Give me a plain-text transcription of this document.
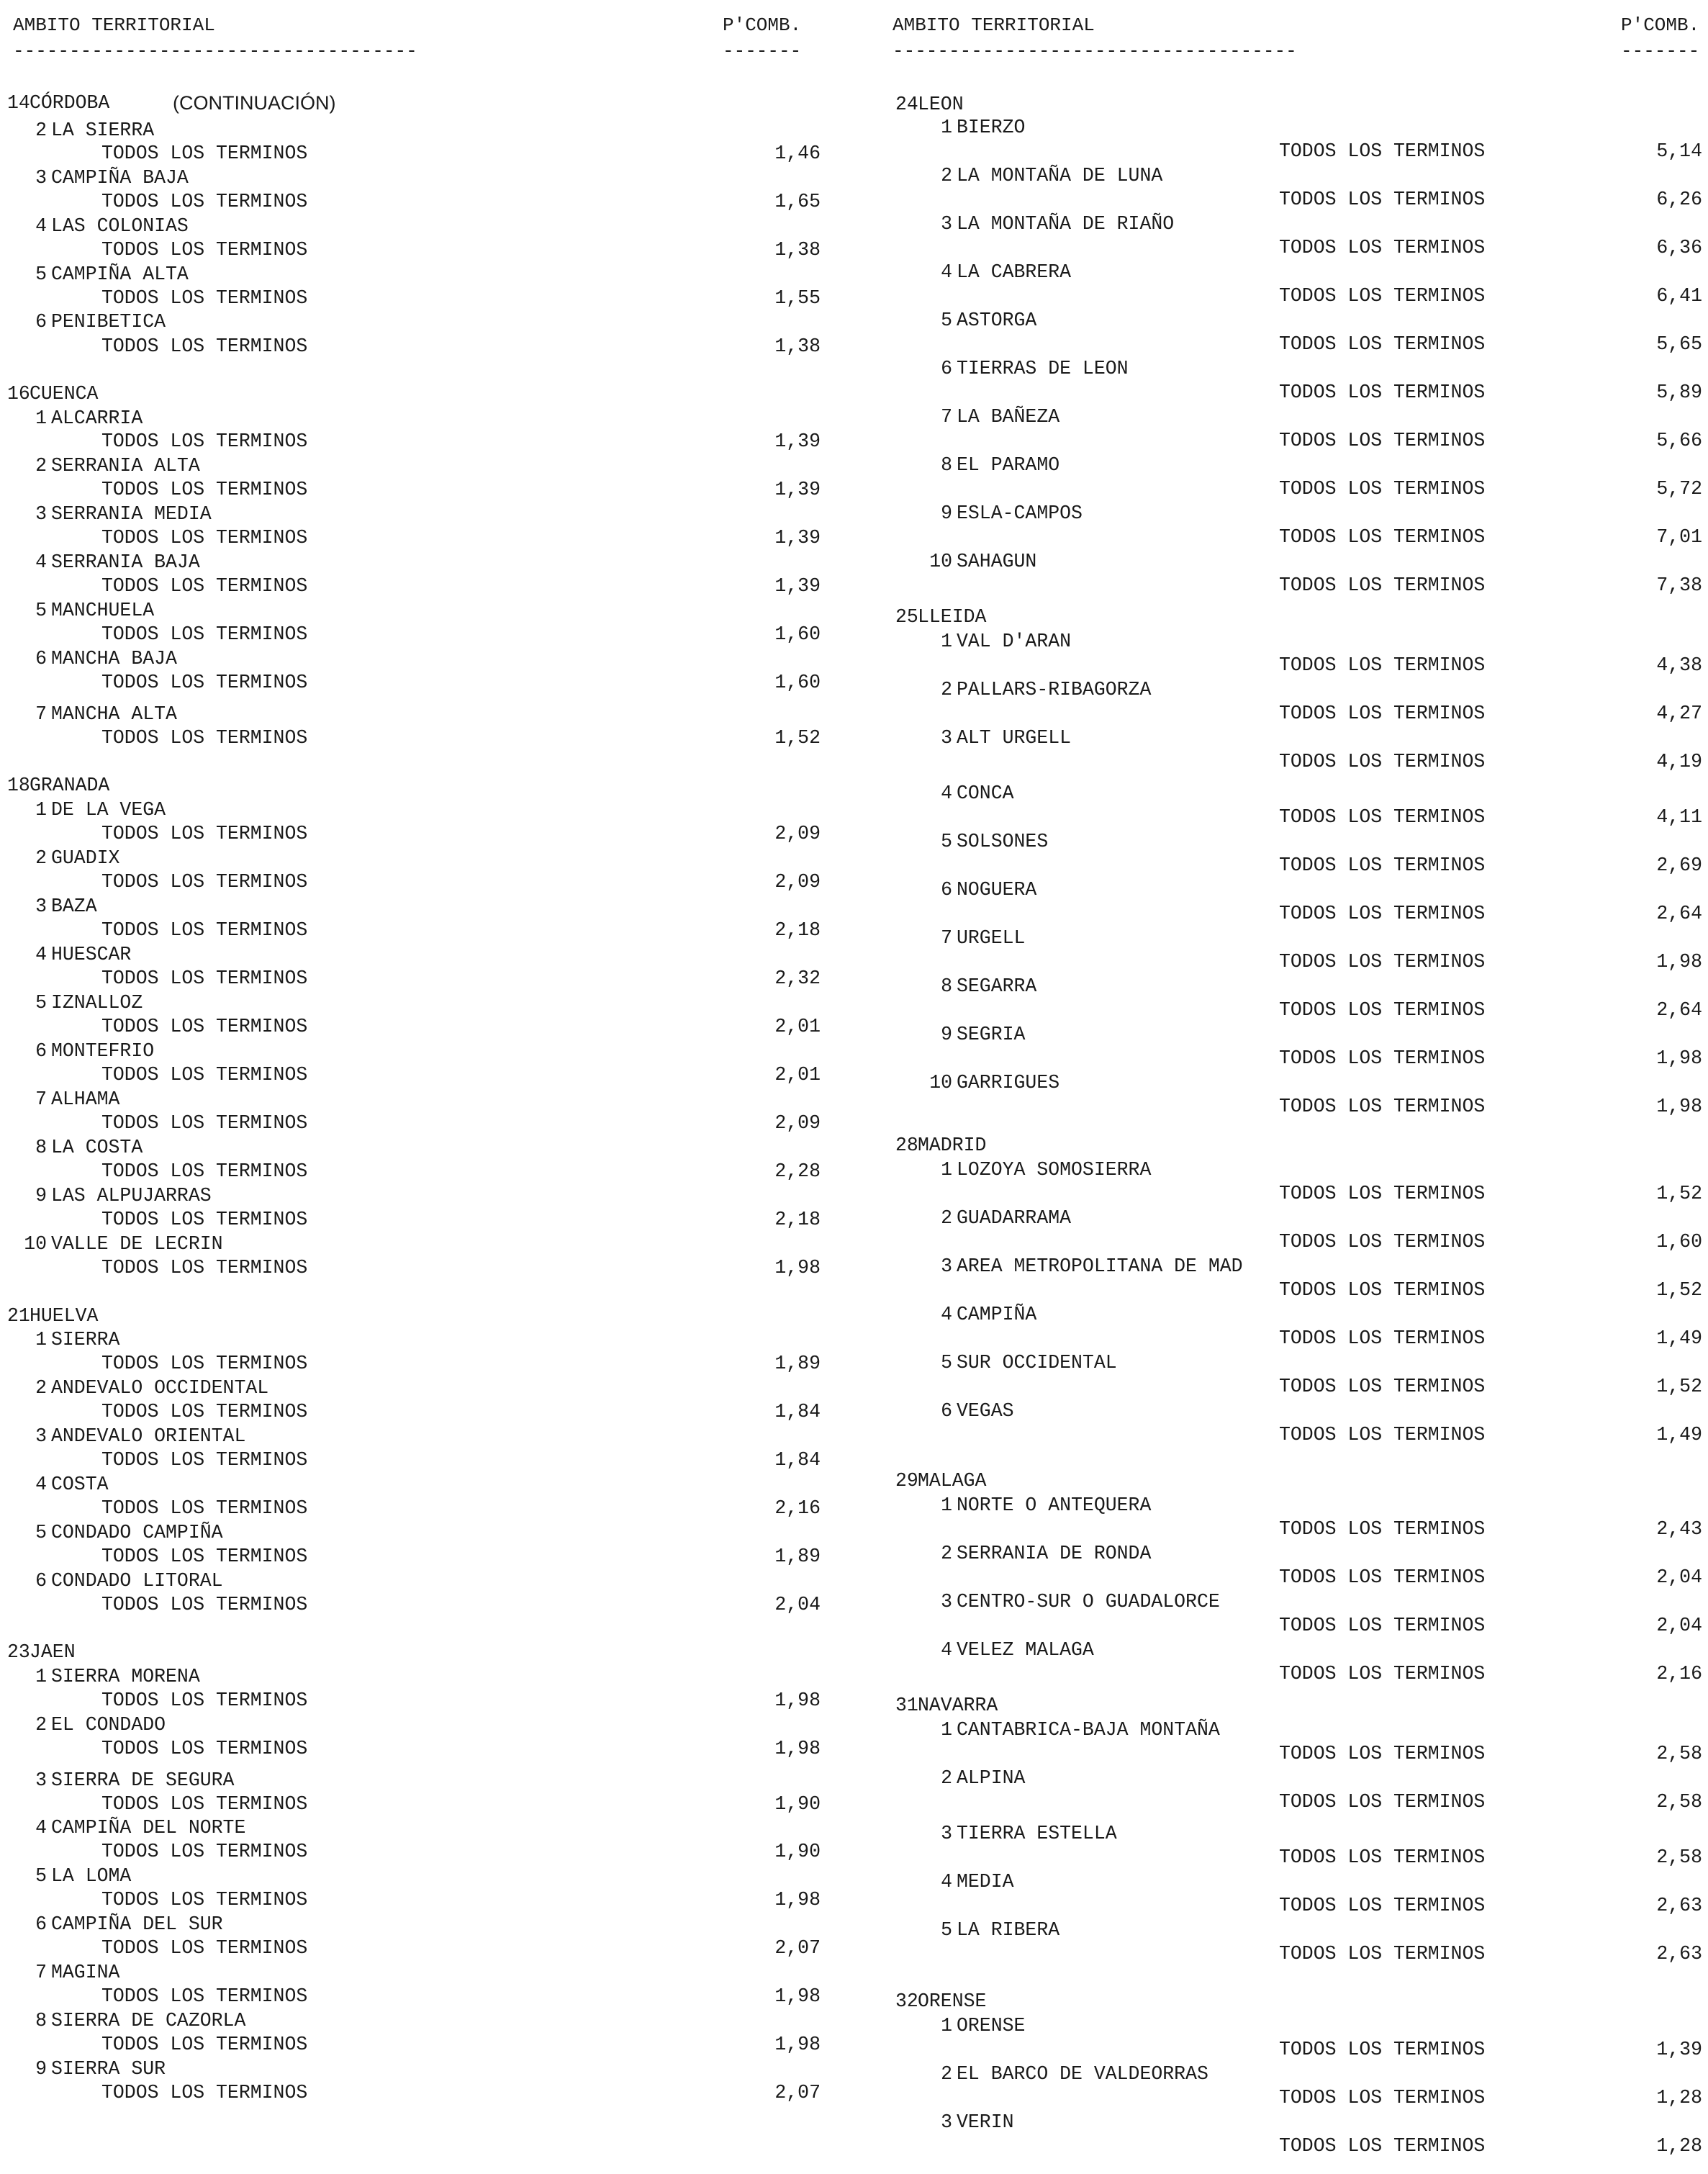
AMBITO TERRITORIAL	P'COMB.
------------------------------------	-------
14 CÓRDOBA	(CONTINUACIÓN)
2 LA SIERRA
TODOS LOS TERMINOS	1,46
3 CAMPIÑA BAJA
TODOS LOS TERMINOS	1,65
4 LAS COLONIAS
TODOS LOS TERMINOS	1,38
5 CAMPIÑA ALTA
TODOS LOS TERMINOS	1,55
6 PENIBETICA
TODOS LOS TERMINOS	1,38
16 CUENCA
1 ALCARRIA
TODOS LOS TERMINOS	1,39
2 SERRANIA ALTA
TODOS LOS TERMINOS	1,39
3 SERRANIA MEDIA
TODOS LOS TERMINOS	1,39
4 SERRANIA BAJA
TODOS LOS TERMINOS	1,39
5 MANCHUELA
TODOS LOS TERMINOS	1,60
6 MANCHA BAJA
TODOS LOS TERMINOS	1,60
7 MANCHA ALTA
TODOS LOS TERMINOS	1,52
18 GRANADA
1 DE LA VEGA
TODOS LOS TERMINOS	2,09
2 GUADIX
TODOS LOS TERMINOS	2,09
3 BAZA
TODOS LOS TERMINOS	2,18
4 HUESCAR
TODOS LOS TERMINOS	2,32
5 IZNALLOZ
TODOS LOS TERMINOS	2,01
6 MONTEFRIO
TODOS LOS TERMINOS	2,01
7 ALHAMA
TODOS LOS TERMINOS	2,09
8 LA COSTA
TODOS LOS TERMINOS	2,28
9 LAS ALPUJARRAS
TODOS LOS TERMINOS	2,18
10 VALLE DE LECRIN
TODOS LOS TERMINOS	1,98
21 HUELVA
1 SIERRA
TODOS LOS TERMINOS	1,89
2 ANDEVALO OCCIDENTAL
TODOS LOS TERMINOS	1,84
3 ANDEVALO ORIENTAL
TODOS LOS TERMINOS	1,84
4 COSTA
TODOS LOS TERMINOS	2,16
5 CONDADO CAMPIÑA
TODOS LOS TERMINOS	1,89
6 CONDADO LITORAL
TODOS LOS TERMINOS	2,04
23 JAEN
1 SIERRA MORENA
TODOS LOS TERMINOS	1,98
2 EL CONDADO
TODOS LOS TERMINOS	1,98
3 SIERRA DE SEGURA
TODOS LOS TERMINOS	1,90
4 CAMPIÑA DEL NORTE
TODOS LOS TERMINOS	1,90
5 LA LOMA
TODOS LOS TERMINOS	1,98
6 CAMPIÑA DEL SUR
TODOS LOS TERMINOS	2,07
7 MAGINA
TODOS LOS TERMINOS	1,98
8 SIERRA DE CAZORLA
TODOS LOS TERMINOS	1,98
9 SIERRA SUR
TODOS LOS TERMINOS	2,07
AMBITO TERRITORIAL	P'COMB.
------------------------------------	-------
24 LEON
1 BIERZO
TODOS LOS TERMINOS	5,14
2 LA MONTAÑA DE LUNA
TODOS LOS TERMINOS	6,26
3 LA MONTAÑA DE RIAÑO
TODOS LOS TERMINOS	6,36
4 LA CABRERA
TODOS LOS TERMINOS	6,41
5 ASTORGA
TODOS LOS TERMINOS	5,65
6 TIERRAS DE LEON
TODOS LOS TERMINOS	5,89
7 LA BAÑEZA
TODOS LOS TERMINOS	5,66
8 EL PARAMO
TODOS LOS TERMINOS	5,72
9 ESLA-CAMPOS
TODOS LOS TERMINOS	7,01
10 SAHAGUN
TODOS LOS TERMINOS	7,38
25 LLEIDA
1 VAL D'ARAN
TODOS LOS TERMINOS	4,38
2 PALLARS-RIBAGORZA
TODOS LOS TERMINOS	4,27
3 ALT URGELL
TODOS LOS TERMINOS	4,19
4 CONCA
TODOS LOS TERMINOS	4,11
5 SOLSONES
TODOS LOS TERMINOS	2,69
6 NOGUERA
TODOS LOS TERMINOS	2,64
7 URGELL
TODOS LOS TERMINOS	1,98
8 SEGARRA
TODOS LOS TERMINOS	2,64
9 SEGRIA
TODOS LOS TERMINOS	1,98
10 GARRIGUES
TODOS LOS TERMINOS	1,98
28 MADRID
1 LOZOYA SOMOSIERRA
TODOS LOS TERMINOS	1,52
2 GUADARRAMA
TODOS LOS TERMINOS	1,60
3 AREA METROPOLITANA DE MAD
TODOS LOS TERMINOS	1,52
4 CAMPIÑA
TODOS LOS TERMINOS	1,49
5 SUR OCCIDENTAL
TODOS LOS TERMINOS	1,52
6 VEGAS
TODOS LOS TERMINOS	1,49
29 MALAGA
1 NORTE O ANTEQUERA
TODOS LOS TERMINOS	2,43
2 SERRANIA DE RONDA
TODOS LOS TERMINOS	2,04
3 CENTRO-SUR O GUADALORCE
TODOS LOS TERMINOS	2,04
4 VELEZ MALAGA
TODOS LOS TERMINOS	2,16
31 NAVARRA
1 CANTABRICA-BAJA MONTAÑA
TODOS LOS TERMINOS	2,58
2 ALPINA
TODOS LOS TERMINOS	2,58
3 TIERRA ESTELLA
TODOS LOS TERMINOS	2,58
4 MEDIA
TODOS LOS TERMINOS	2,63
5 LA RIBERA
TODOS LOS TERMINOS	2,63
32 ORENSE
1 ORENSE
TODOS LOS TERMINOS	1,39
2 EL BARCO DE VALDEORRAS
TODOS LOS TERMINOS	1,28
3 VERIN
TODOS LOS TERMINOS	1,28
